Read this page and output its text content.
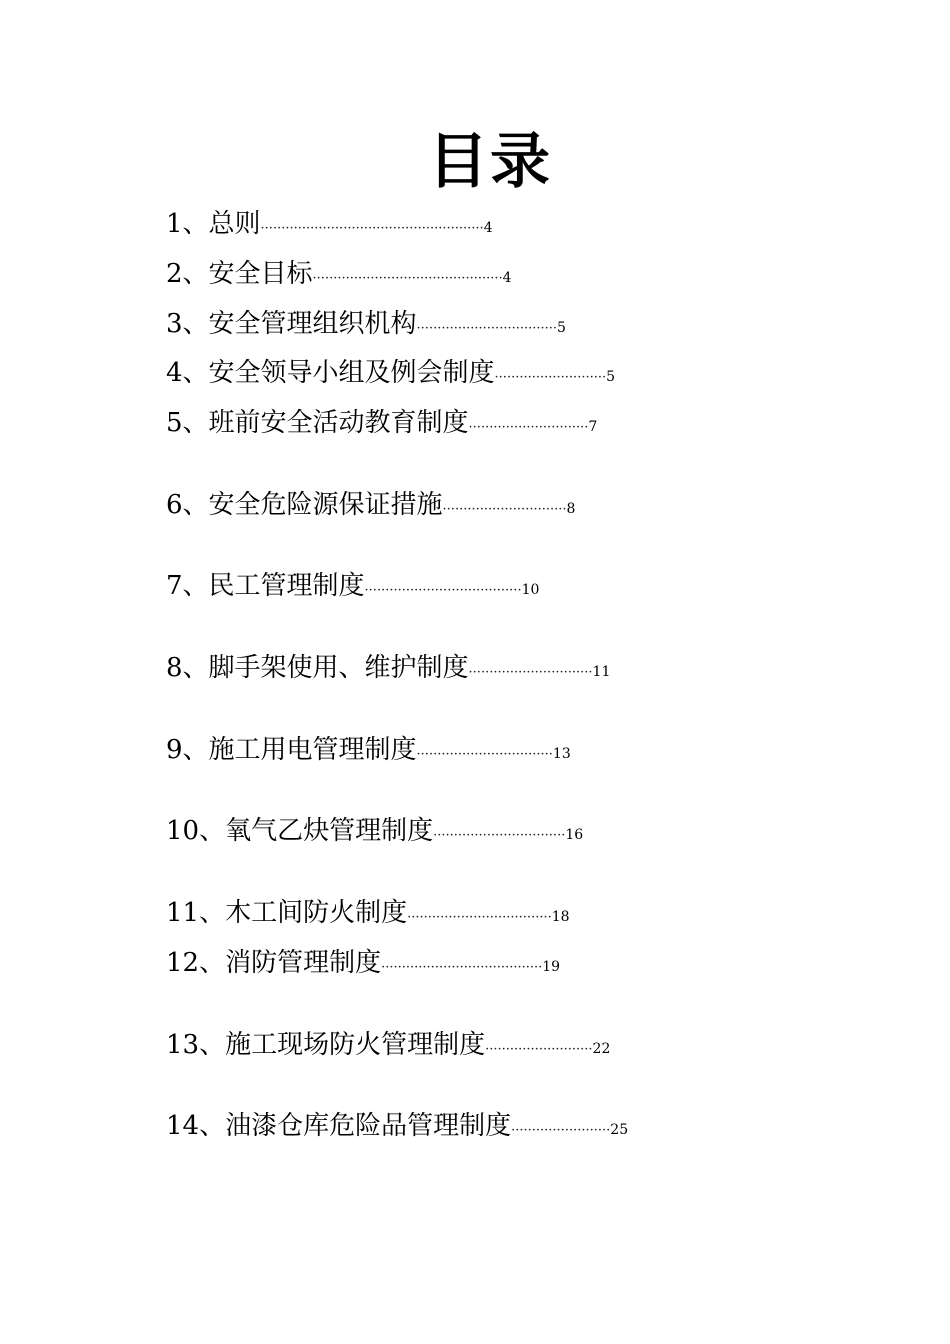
目录
1、总则······················································4
2、安全目标··············································4
3、安全管理组织机构··································5
4、安全领导小组及例会制度···························5
5、班前安全活动教育制度·····························7
6、安全危险源保证措施······························8
7、民工管理制度······································10
8、脚手架使用、维护制度······························11
9、施工用电管理制度·································13
10、氧气乙炔管理制度································16
11、木工间防火制度···································18
12、消防管理制度·······································19
13、施工现场防火管理制度··························22
14、油漆仓库危险品管理制度························25
